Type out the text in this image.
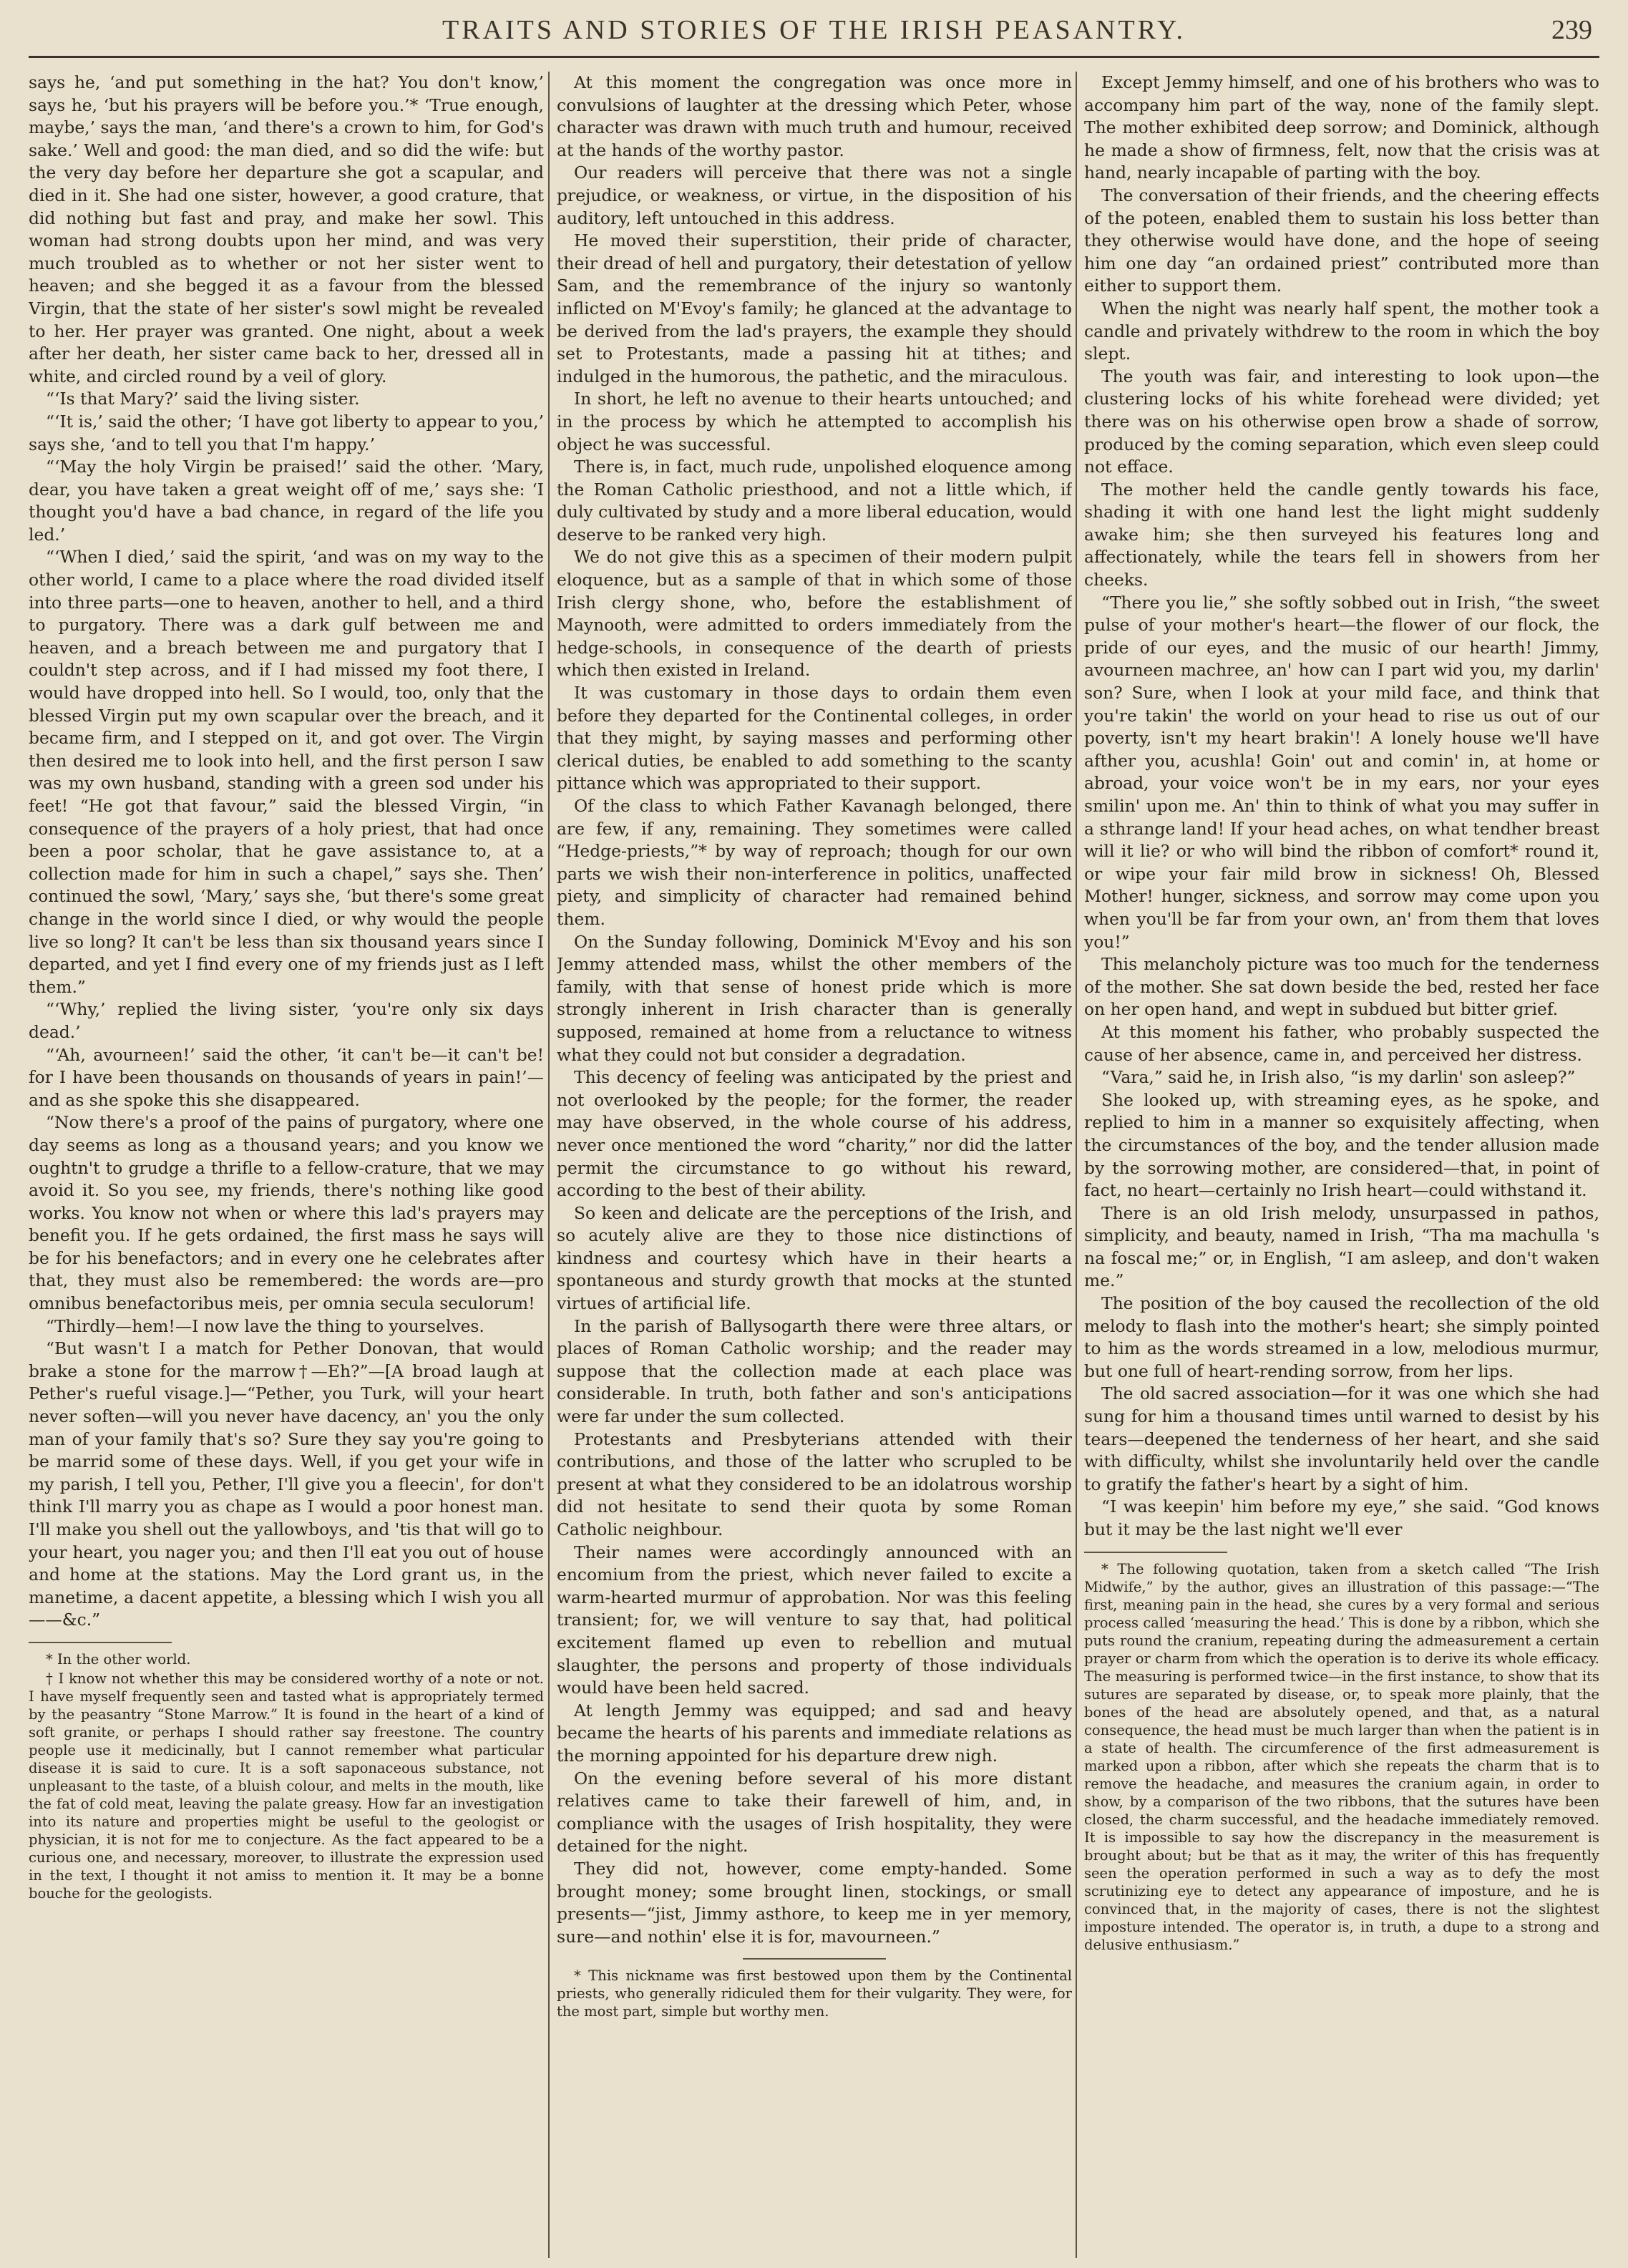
TRAITS AND STORIES OF THE IRISH PEASANTRY.	239

says he, ‘and put something in the hat? You don't know,’ says he, ‘but his prayers will be before you.’* ‘True enough, maybe,’ says the man, ‘and there's a crown to him, for God's sake.’ Well and good: the man died, and so did the wife: but the very day before her departure she got a scapular, and died in it. She had one sister, however, a good crature, that did nothing but fast and pray, and make her sowl. This woman had strong doubts upon her mind, and was very much troubled as to whether or not her sister went to heaven; and she begged it as a favour from the blessed Virgin, that the state of her sister's sowl might be revealed to her. Her prayer was granted. One night, about a week after her death, her sister came back to her, dressed all in white, and circled round by a veil of glory.

“‘Is that Mary?’ said the living sister.

“‘It is,’ said the other; ‘I have got liberty to appear to you,’ says she, ‘and to tell you that I'm happy.’

“‘May the holy Virgin be praised!’ said the other. ‘Mary, dear, you have taken a great weight off of me,’ says she: ‘I thought you'd have a bad chance, in regard of the life you led.’

“‘When I died,’ said the spirit, ‘and was on my way to the other world, I came to a place where the road divided itself into three parts—one to heaven, another to hell, and a third to purgatory. There was a dark gulf between me and heaven, and a breach between me and purgatory that I couldn't step across, and if I had missed my foot there, I would have dropped into hell. So I would, too, only that the blessed Virgin put my own scapular over the breach, and it became firm, and I stepped on it, and got over. The Virgin then desired me to look into hell, and the first person I saw was my own husband, standing with a green sod under his feet! “He got that favour,” said the blessed Virgin, “in consequence of the prayers of a holy priest, that had once been a poor scholar, that he gave assistance to, at a collection made for him in such a chapel,” says she. Then’ continued the sowl, ‘Mary,’ says she, ‘but there's some great change in the world since I died, or why would the people live so long? It can't be less than six thousand years since I departed, and yet I find every one of my friends just as I left them.”

“‘Why,’ replied the living sister, ‘you're only six days dead.’

“‘Ah, avourneen!’ said the other, ‘it can't be—it can't be! for I have been thousands on thousands of years in pain!’—and as she spoke this she disappeared.

“Now there's a proof of the pains of purgatory, where one day seems as long as a thousand years; and you know we oughtn't to grudge a thrifle to a fellow-crature, that we may avoid it. So you see, my friends, there's nothing like good works. You know not when or where this lad's prayers may benefit you. If he gets ordained, the first mass he says will be for his benefactors; and in every one he celebrates after that, they must also be remembered: the words are—pro omnibus benefactoribus meis, per omnia secula seculorum!

“Thirdly—hem!—I now lave the thing to yourselves.

“But wasn't I a match for Pether Donovan, that would brake a stone for the marrow†—Eh?”—[A broad laugh at Pether's rueful visage.]—“Pether, you Turk, will your heart never soften—will you never have dacency, an' you the only man of your family that's so? Sure they say you're going to be marrid some of these days. Well, if you get your wife in my parish, I tell you, Pether, I'll give you a fleecin', for don't think I'll marry you as chape as I would a poor honest man. I'll make you shell out the yallowboys, and 'tis that will go to your heart, you nager you; and then I'll eat you out of house and home at the stations. May the Lord grant us, in the manetime, a dacent appetite, a blessing which I wish you all——&c.”

* In the other world.

† I know not whether this may be considered worthy of a note or not. I have myself frequently seen and tasted what is appropriately termed by the peasantry “Stone Marrow.” It is found in the heart of a kind of soft granite, or perhaps I should rather say freestone. The country people use it medicinally, but I cannot remember what particular disease it is said to cure. It is a soft saponaceous substance, not unpleasant to the taste, of a bluish colour, and melts in the mouth, like the fat of cold meat, leaving the palate greasy. How far an investigation into its nature and properties might be useful to the geologist or physician, it is not for me to conjecture. As the fact appeared to be a curious one, and necessary, moreover, to illustrate the expression used in the text, I thought it not amiss to mention it. It may be a bonne bouche for the geologists.

At this moment the congregation was once more in convulsions of laughter at the dressing which Peter, whose character was drawn with much truth and humour, received at the hands of the worthy pastor.

Our readers will perceive that there was not a single prejudice, or weakness, or virtue, in the disposition of his auditory, left untouched in this address.

He moved their superstition, their pride of character, their dread of hell and purgatory, their detestation of yellow Sam, and the remembrance of the injury so wantonly inflicted on M'Evoy's family; he glanced at the advantage to be derived from the lad's prayers, the example they should set to Protestants, made a passing hit at tithes; and indulged in the humorous, the pathetic, and the miraculous.

In short, he left no avenue to their hearts untouched; and in the process by which he attempted to accomplish his object he was successful.

There is, in fact, much rude, unpolished eloquence among the Roman Catholic priesthood, and not a little which, if duly cultivated by study and a more liberal education, would deserve to be ranked very high.

We do not give this as a specimen of their modern pulpit eloquence, but as a sample of that in which some of those Irish clergy shone, who, before the establishment of Maynooth, were admitted to orders immediately from the hedge-schools, in consequence of the dearth of priests which then existed in Ireland.

It was customary in those days to ordain them even before they departed for the Continental colleges, in order that they might, by saying masses and performing other clerical duties, be enabled to add something to the scanty pittance which was appropriated to their support.

Of the class to which Father Kavanagh belonged, there are few, if any, remaining. They sometimes were called “Hedge-priests,”* by way of reproach; though for our own parts we wish their non-interference in politics, unaffected piety, and simplicity of character had remained behind them.

On the Sunday following, Dominick M'Evoy and his son Jemmy attended mass, whilst the other members of the family, with that sense of honest pride which is more strongly inherent in Irish character than is generally supposed, remained at home from a reluctance to witness what they could not but consider a degradation.

This decency of feeling was anticipated by the priest and not overlooked by the people; for the former, the reader may have observed, in the whole course of his address, never once mentioned the word “charity,” nor did the latter permit the circumstance to go without his reward, according to the best of their ability.

So keen and delicate are the perceptions of the Irish, and so acutely alive are they to those nice distinctions of kindness and courtesy which have in their hearts a spontaneous and sturdy growth that mocks at the stunted virtues of artificial life.

In the parish of Ballysogarth there were three altars, or places of Roman Catholic worship; and the reader may suppose that the collection made at each place was considerable. In truth, both father and son's anticipations were far under the sum collected.

Protestants and Presbyterians attended with their contributions, and those of the latter who scrupled to be present at what they considered to be an idolatrous worship did not hesitate to send their quota by some Roman Catholic neighbour.

Their names were accordingly announced with an encomium from the priest, which never failed to excite a warm-hearted murmur of approbation. Nor was this feeling transient; for, we will venture to say that, had political excitement flamed up even to rebellion and mutual slaughter, the persons and property of those individuals would have been held sacred.

At length Jemmy was equipped; and sad and heavy became the hearts of his parents and immediate relations as the morning appointed for his departure drew nigh.

On the evening before several of his more distant relatives came to take their farewell of him, and, in compliance with the usages of Irish hospitality, they were detained for the night.

They did not, however, come empty-handed. Some brought money; some brought linen, stockings, or small presents—“jist, Jimmy asthore, to keep me in yer memory, sure—and nothin' else it is for, mavourneen.”

* This nickname was first bestowed upon them by the Continental priests, who generally ridiculed them for their vulgarity. They were, for the most part, simple but worthy men.

Except Jemmy himself, and one of his brothers who was to accompany him part of the way, none of the family slept. The mother exhibited deep sorrow; and Dominick, although he made a show of firmness, felt, now that the crisis was at hand, nearly incapable of parting with the boy.

The conversation of their friends, and the cheering effects of the poteen, enabled them to sustain his loss better than they otherwise would have done, and the hope of seeing him one day “an ordained priest” contributed more than either to support them.

When the night was nearly half spent, the mother took a candle and privately withdrew to the room in which the boy slept.

The youth was fair, and interesting to look upon—the clustering locks of his white forehead were divided; yet there was on his otherwise open brow a shade of sorrow, produced by the coming separation, which even sleep could not efface.

The mother held the candle gently towards his face, shading it with one hand lest the light might suddenly awake him; she then surveyed his features long and affectionately, while the tears fell in showers from her cheeks.

“There you lie,” she softly sobbed out in Irish, “the sweet pulse of your mother's heart—the flower of our flock, the pride of our eyes, and the music of our hearth! Jimmy, avourneen machree, an' how can I part wid you, my darlin' son? Sure, when I look at your mild face, and think that you're takin' the world on your head to rise us out of our poverty, isn't my heart brakin'! A lonely house we'll have afther you, acushla! Goin' out and comin' in, at home or abroad, your voice won't be in my ears, nor your eyes smilin' upon me. An' thin to think of what you may suffer in a sthrange land! If your head aches, on what tendher breast will it lie? or who will bind the ribbon of comfort* round it, or wipe your fair mild brow in sickness! Oh, Blessed Mother! hunger, sickness, and sorrow may come upon you when you'll be far from your own, an' from them that loves you!”

This melancholy picture was too much for the tenderness of the mother. She sat down beside the bed, rested her face on her open hand, and wept in subdued but bitter grief.

At this moment his father, who probably suspected the cause of her absence, came in, and perceived her distress.

“Vara,” said he, in Irish also, “is my darlin' son asleep?”

She looked up, with streaming eyes, as he spoke, and replied to him in a manner so exquisitely affecting, when the circumstances of the boy, and the tender allusion made by the sorrowing mother, are considered—that, in point of fact, no heart—certainly no Irish heart—could withstand it.

There is an old Irish melody, unsurpassed in pathos, simplicity, and beauty, named in Irish, “Tha ma machulla 's na foscal me;” or, in English, “I am asleep, and don't waken me.”

The position of the boy caused the recollection of the old melody to flash into the mother's heart; she simply pointed to him as the words streamed in a low, melodious murmur, but one full of heart-rending sorrow, from her lips.

The old sacred association—for it was one which she had sung for him a thousand times until warned to desist by his tears—deepened the tenderness of her heart, and she said with difficulty, whilst she involuntarily held over the candle to gratify the father's heart by a sight of him.

“I was keepin' him before my eye,” she said. “God knows but it may be the last night we'll ever

* The following quotation, taken from a sketch called “The Irish Midwife,” by the author, gives an illustration of this passage:—“The first, meaning pain in the head, she cures by a very formal and serious process called ‘measuring the head.’ This is done by a ribbon, which she puts round the cranium, repeating during the admeasurement a certain prayer or charm from which the operation is to derive its whole efficacy. The measuring is performed twice—in the first instance, to show that its sutures are separated by disease, or, to speak more plainly, that the bones of the head are absolutely opened, and that, as a natural consequence, the head must be much larger than when the patient is in a state of health. The circumference of the first admeasurement is marked upon a ribbon, after which she repeats the charm that is to remove the headache, and measures the cranium again, in order to show, by a comparison of the two ribbons, that the sutures have been closed, the charm successful, and the headache immediately removed. It is impossible to say how the discrepancy in the measurement is brought about; but be that as it may, the writer of this has frequently seen the operation performed in such a way as to defy the most scrutinizing eye to detect any appearance of imposture, and he is convinced that, in the majority of cases, there is not the slightest imposture intended. The operator is, in truth, a dupe to a strong and delusive enthusiasm.”
